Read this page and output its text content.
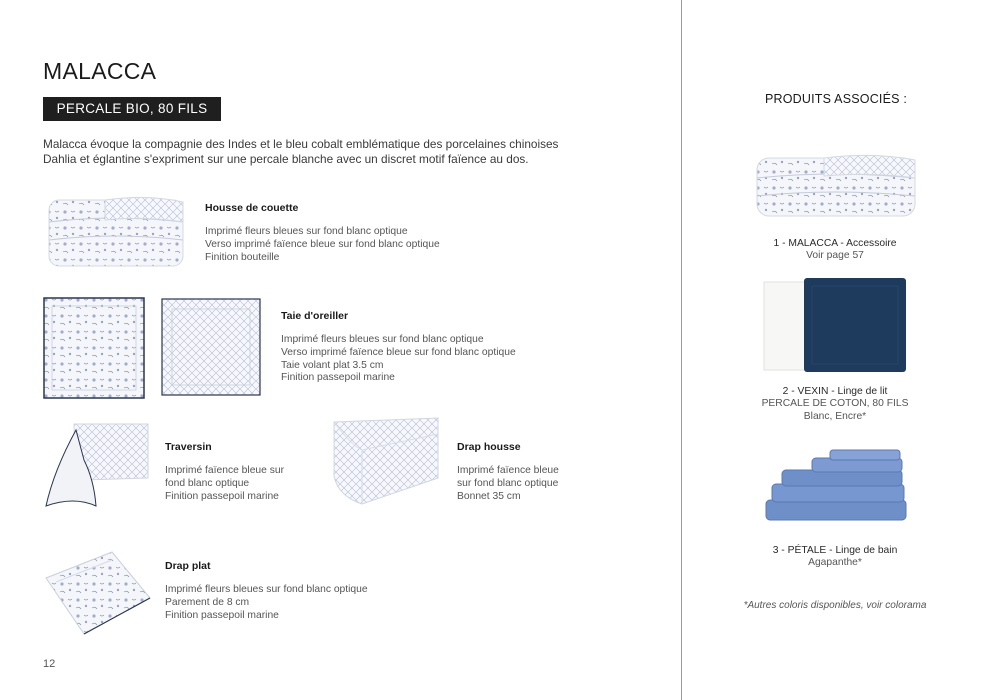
MALACCA
PERCALE BIO, 80 FILS
Malacca évoque la compagnie des Indes et le bleu cobalt emblématique des porcelaines chinoises
Dahlia et églantine s'expriment sur une percale blanche avec un discret motif faïence au dos.
Housse de couette
Imprimé fleurs bleues sur fond blanc optique
Verso imprimé faïence bleue sur fond blanc optique
Finition bouteille
Taie d'oreiller
Imprimé fleurs bleues sur fond blanc optique
Verso imprimé faïence bleue sur fond blanc optique
Taie volant plat 3.5 cm
Finition passepoil marine
Traversin
Imprimé faïence bleue sur
fond blanc optique
Finition passepoil marine
Drap housse
Imprimé faïence bleue
sur fond blanc optique
Bonnet 35 cm
Drap plat
Imprimé fleurs bleues sur fond blanc optique
Parement de 8 cm
Finition passepoil marine
12
PRODUITS ASSOCIÉS :
1 - MALACCA - Accessoire
Voir page 57
2 - VEXIN - Linge de lit
PERCALE DE COTON, 80 FILS
Blanc, Encre*
3 - PÉTALE - Linge de bain
Agapanthe*
*Autres coloris disponibles, voir colorama
